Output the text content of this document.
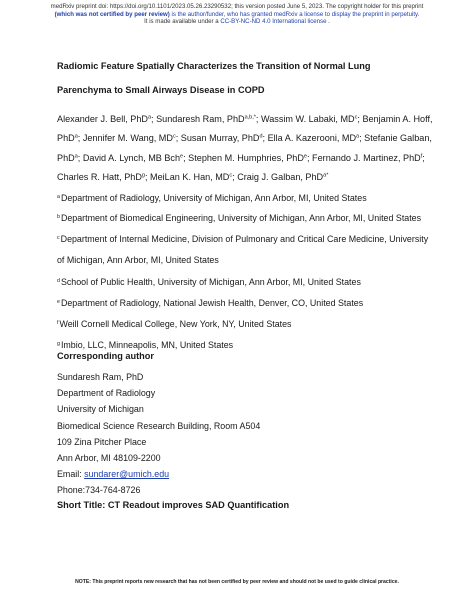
medRxiv preprint doi: https://doi.org/10.1101/2023.05.26.23290532; this version posted June 5, 2023. The copyright holder for this preprint
(which was not certified by peer review) is the author/funder, who has granted medRxiv a license to display the preprint in perpetuity.
It is made available under a CC-BY-NC-ND 4.0 International license .
Radiomic Feature Spatially Characterizes the Transition of Normal Lung
Parenchyma to Small Airways Disease in COPD
Alexander J. Bell, PhD$^a$; Sundaresh Ram, PhD$^{a,b,*}$; Wassim W. Labaki, $MD^c$; Benjamin A. Hoff,
PhD$^a$; Jennifer M. Wang, $MD^c$; Susan Murray, PhD$^d$; Ella A. Kazerooni, $MD^a$; Stefanie Galban,
PhD$^a$; David A. Lynch, MB Bch$^e$; Stephen M. Humphries, PhD$^e$; Fernando J. Martinez, PhD$^f$;
Charles R. Hatt, PhD$^g$; MeiLan K. Han, $MD^c$; Craig J. Galban, PhD$^{a*}$
$^a$Department of Radiology, University of Michigan, Ann Arbor, MI, United States
$^b$Department of Biomedical Engineering, University of Michigan, Ann Arbor, MI, United States
$^c$Department of Internal Medicine, Division of Pulmonary and Critical Care Medicine, University
of Michigan, Ann Arbor, MI, United States
$^d$School of Public Health, University of Michigan, Ann Arbor, MI, United States
$^e$Department of Radiology, National Jewish Health, Denver, CO, United States
$^f$Weill Cornell Medical College, New York, NY, United States
$^g$Imbio, LLC, Minneapolis, MN, United States
Corresponding author
Sundaresh Ram, PhD
Department of Radiology
University of Michigan
Biomedical Science Research Building, Room A504
109 Zina Pitcher Place
Ann Arbor, MI 48109-2200
Email: sundarer@umich.edu
Phone:734-764-8726
Short Title: CT Readout improves SAD Quantification
NOTE: This preprint reports new research that has not been certified by peer review and should not be used to guide clinical practice.
